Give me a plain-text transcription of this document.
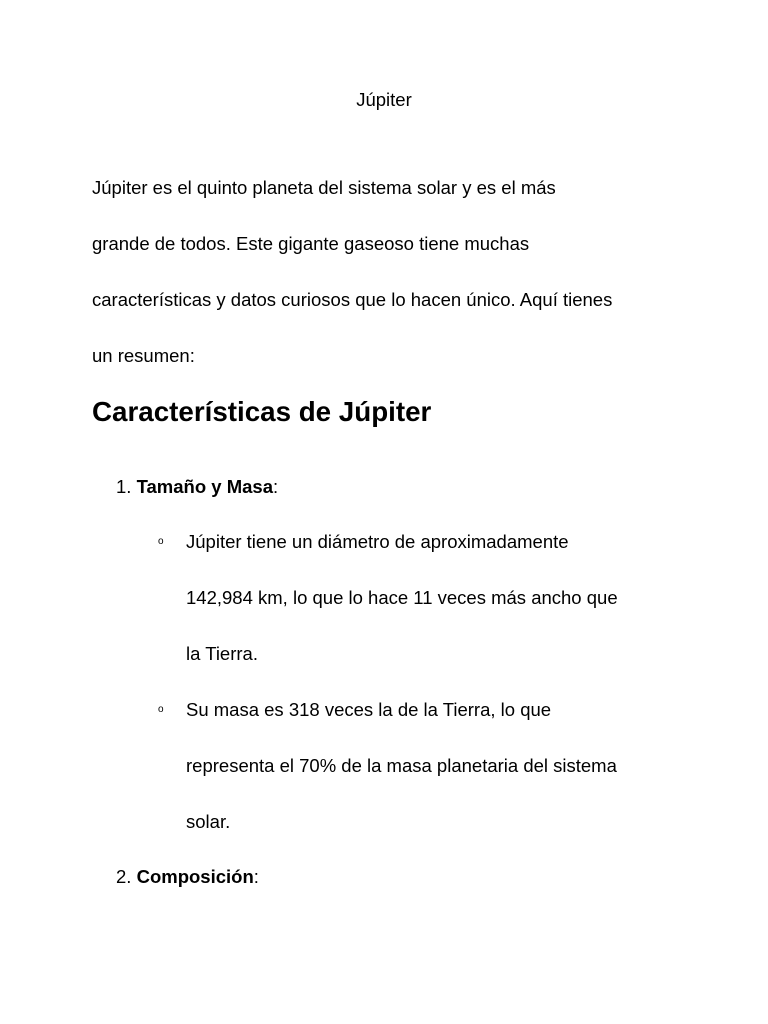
Júpiter

Júpiter es el quinto planeta del sistema solar y es el más
grande de todos. Este gigante gaseoso tiene muchas
características y datos curiosos que lo hacen único. Aquí tienes
un resumen:

Características de Júpiter
1. Tamaño y Masa:
o Júpiter tiene un diámetro de aproximadamente
142,984 km, lo que lo hace 11 veces más ancho que
la Tierra.
o Su masa es 318 veces la de la Tierra, lo que
representa el 70% de la masa planetaria del sistema
solar.
2. Composición:
